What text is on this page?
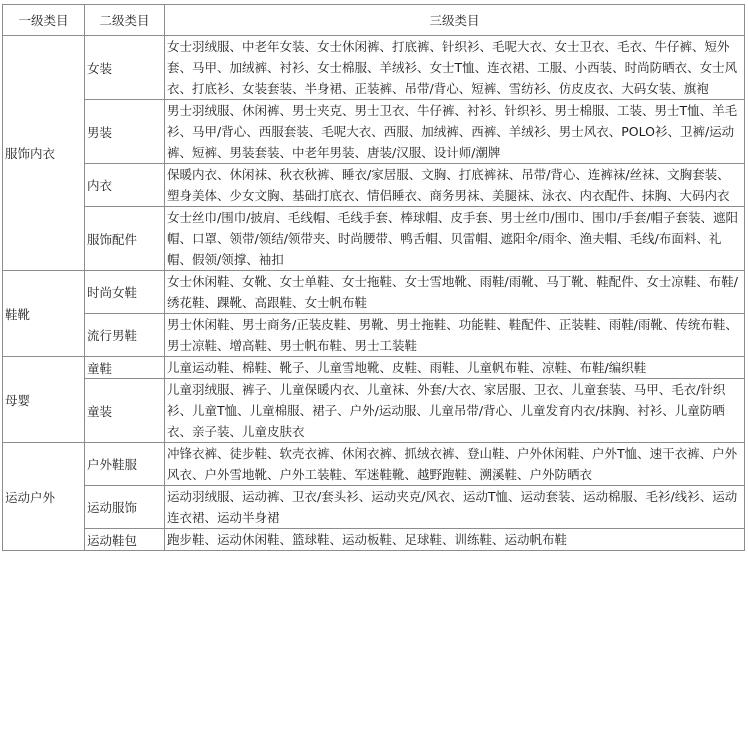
一级类目	二级类目	三级类目
服饰内衣	女装	女士羽绒服、中老年女装、女士休闲裤、打底裤、针织衫、毛呢大衣、女士卫衣、毛衣、牛仔裤、短外套、马甲、加绒裤、衬衫、女士棉服、羊绒衫、女士T恤、连衣裙、工服、小西装、时尚防晒衣、女士风衣、打底衫、女装套装、半身裙、正装裤、吊带/背心、短裤、雪纺衫、仿皮皮衣、大码女装、旗袍
	男装	男士羽绒服、休闲裤、男士夹克、男士卫衣、牛仔裤、衬衫、针织衫、男士棉服、工装、男士T恤、羊毛衫、马甲/背心、西服套装、毛呢大衣、西服、加绒裤、西裤、羊绒衫、男士风衣、POLO衫、卫裤/运动裤、短裤、男装套装、中老年男装、唐装/汉服、设计师/潮牌
	内衣	保暖内衣、休闲袜、秋衣秋裤、睡衣/家居服、文胸、打底裤袜、吊带/背心、连裤袜/丝袜、文胸套装、塑身美体、少女文胸、基础打底衣、情侣睡衣、商务男袜、美腿袜、泳衣、内衣配件、抹胸、大码内衣
	服饰配件	女士丝巾/围巾/披肩、毛线帽、毛线手套、棒球帽、皮手套、男士丝巾/围巾、围巾/手套/帽子套装、遮阳帽、口罩、领带/领结/领带夹、时尚腰带、鸭舌帽、贝雷帽、遮阳伞/雨伞、渔夫帽、毛线/布面料、礼帽、假领/领撑、袖扣
鞋靴	时尚女鞋	女士休闲鞋、女靴、女士单鞋、女士拖鞋、女士雪地靴、雨鞋/雨靴、马丁靴、鞋配件、女士凉鞋、布鞋/绣花鞋、踝靴、高跟鞋、女士帆布鞋
	流行男鞋	男士休闲鞋、男士商务/正装皮鞋、男靴、男士拖鞋、功能鞋、鞋配件、正装鞋、雨鞋/雨靴、传统布鞋、男士凉鞋、增高鞋、男士帆布鞋、男士工装鞋
母婴	童鞋	儿童运动鞋、棉鞋、靴子、儿童雪地靴、皮鞋、雨鞋、儿童帆布鞋、凉鞋、布鞋/编织鞋
	童装	儿童羽绒服、裤子、儿童保暖内衣、儿童袜、外套/大衣、家居服、卫衣、儿童套装、马甲、毛衣/针织衫、儿童T恤、儿童棉服、裙子、户外/运动服、儿童吊带/背心、儿童发育内衣/抹胸、衬衫、儿童防晒衣、亲子装、儿童皮肤衣
运动户外	户外鞋服	冲锋衣裤、徒步鞋、软壳衣裤、休闲衣裤、抓绒衣裤、登山鞋、户外休闲鞋、户外T恤、速干衣裤、户外风衣、户外雪地靴、户外工装鞋、军迷鞋靴、越野跑鞋、溯溪鞋、户外防晒衣
	运动服饰	运动羽绒服、运动裤、卫衣/套头衫、运动夹克/风衣、运动T恤、运动套装、运动棉服、毛衫/线衫、运动连衣裙、运动半身裙
	运动鞋包	跑步鞋、运动休闲鞋、篮球鞋、运动板鞋、足球鞋、训练鞋、运动帆布鞋
